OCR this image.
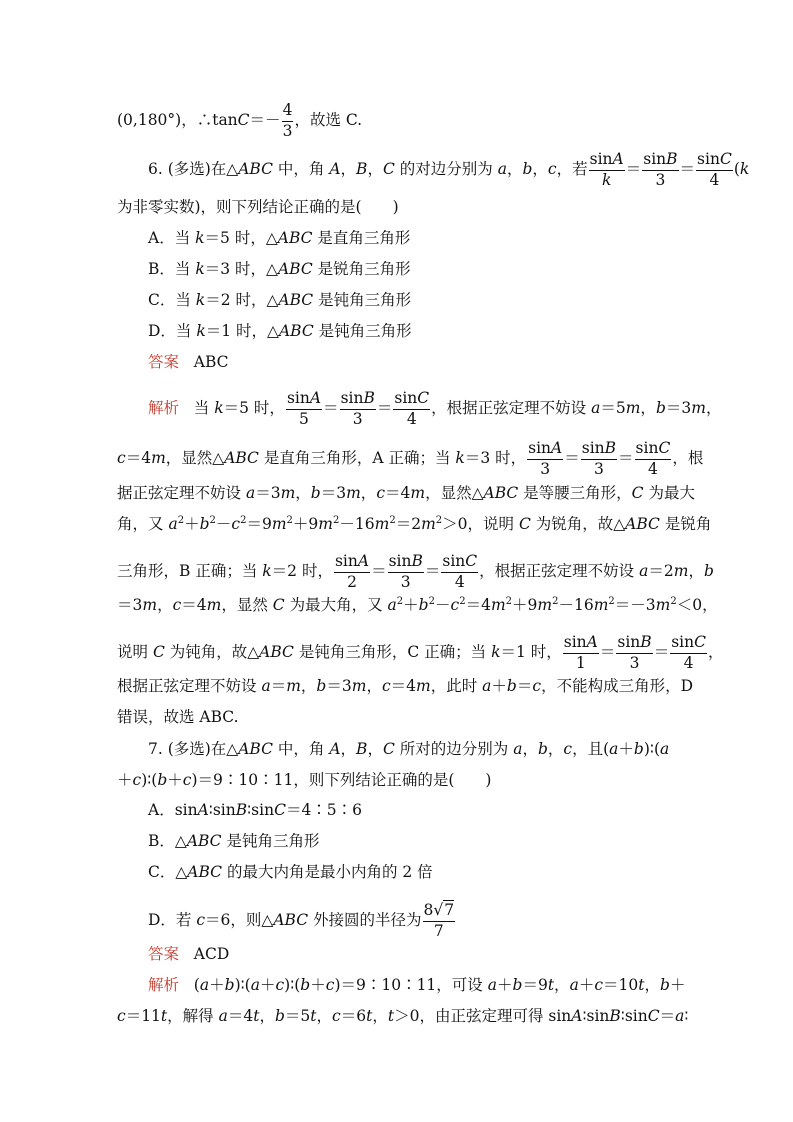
(0,180°)，∴tanC＝－ $\frac{4}{3}$ ，故选 C.
6. (多选)在△ABC 中，角 A，B，C 的对边分别为 a，b，c，若 $\frac{\sin A}{k} = \frac{\sin B}{3} = \frac{\sin C}{4} (k$
为非零实数)，则下列结论正确的是(　　)
A．当 k＝5 时，△ABC 是直角三角形
B．当 k＝3 时，△ABC 是锐角三角形
C．当 k＝2 时，△ABC 是钝角三角形
D．当 k＝1 时，△ABC 是钝角三角形
答案 ABC
解析 当 k＝5 时， $\frac{\sin A}{5} = \frac{\sin B}{3} = \frac{\sin C}{4}$ ，根据正弦定理不妨设 a＝5m，b＝3m，
c＝4m，显然△ABC 是直角三角形，A 正确；当 k＝3 时， $\frac{\sin A}{3} = \frac{\sin B}{3} = \frac{\sin C}{4}$ ，根
据正弦定理不妨设 a＝3m，b＝3m，c＝4m，显然△ABC 是等腰三角形，C 为最大
角，又 $a^2+b^2-c^2=9m^2+9m^2-16m^2=2m^2>0$，说明 C 为锐角，故△ABC 是锐角
三角形，B 正确；当 k＝2 时， $\frac{\sin A}{2} = \frac{\sin B}{3} = \frac{\sin C}{4}$ ，根据正弦定理不妨设 a＝2m，b
＝3m，c＝4m，显然 C 为最大角，又 $a^2+b^2-c^2=4m^2+9m^2-16m^2=-3m^2<0$，
说明 C 为钝角，故△ABC 是钝角三角形，C 正确；当 k＝1 时， $\frac{\sin A}{1} = \frac{\sin B}{3} = \frac{\sin C}{4}$ ，
根据正弦定理不妨设 a＝m，b＝3m，c＝4m，此时 a＋b＝c，不能构成三角形，D
错误，故选 ABC.
7. (多选)在△ABC 中，角 A，B，C 所对的边分别为 a，b，c，且(a＋b)∶(a
＋c)∶(b＋c)＝9∶10∶11，则下列结论正确的是(　　)
A．sinA∶sinB∶sinC＝4∶5∶6
B．△ABC 是钝角三角形
C．△ABC 的最大内角是最小内角的 2 倍
D．若 c＝6，则△ABC 外接圆的半径为 $\frac{8√7}{7}$
答案 ACD
解析 (a＋b)∶(a＋c)∶(b＋c)＝9∶10∶11，可设 a＋b＝9t，a＋c＝10t，b＋
c＝11t，解得 a＝4t，b＝5t，c＝6t，t＞0，由正弦定理可得 sinA∶sinB∶sinC＝a∶
